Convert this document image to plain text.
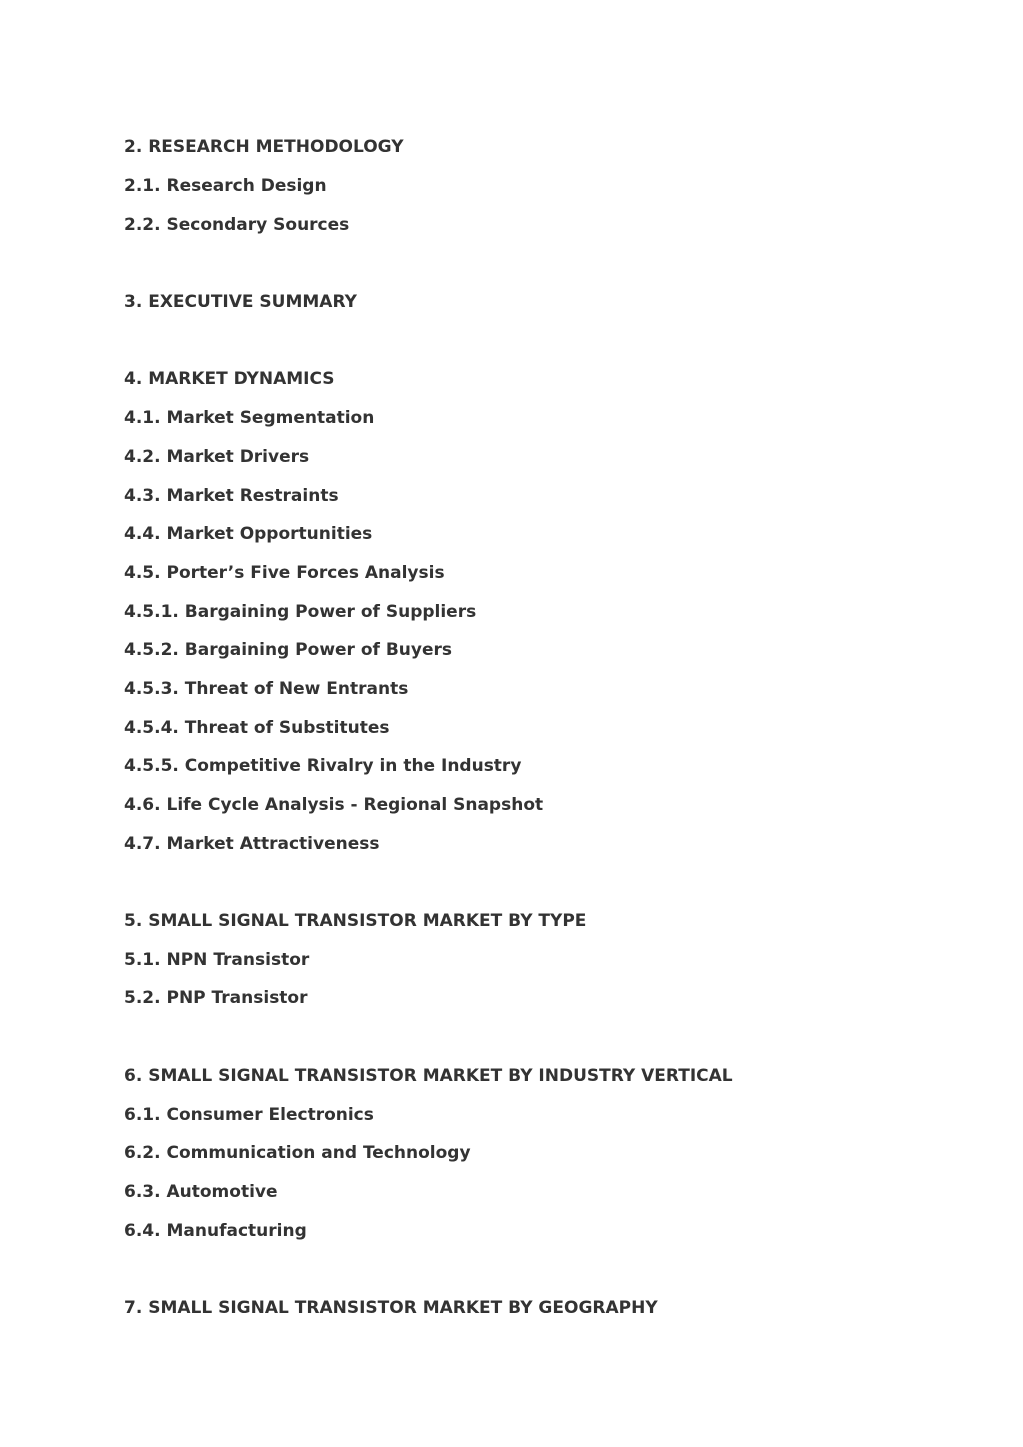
2. RESEARCH METHODOLOGY
2.1. Research Design
2.2. Secondary Sources
3. EXECUTIVE SUMMARY
4. MARKET DYNAMICS
4.1. Market Segmentation
4.2. Market Drivers
4.3. Market Restraints
4.4. Market Opportunities
4.5. Porter’s Five Forces Analysis
4.5.1. Bargaining Power of Suppliers
4.5.2. Bargaining Power of Buyers
4.5.3. Threat of New Entrants
4.5.4. Threat of Substitutes
4.5.5. Competitive Rivalry in the Industry
4.6. Life Cycle Analysis - Regional Snapshot
4.7. Market Attractiveness
5. SMALL SIGNAL TRANSISTOR MARKET BY TYPE
5.1. NPN Transistor
5.2. PNP Transistor
6. SMALL SIGNAL TRANSISTOR MARKET BY INDUSTRY VERTICAL
6.1. Consumer Electronics
6.2. Communication and Technology
6.3. Automotive
6.4. Manufacturing
7. SMALL SIGNAL TRANSISTOR MARKET BY GEOGRAPHY
